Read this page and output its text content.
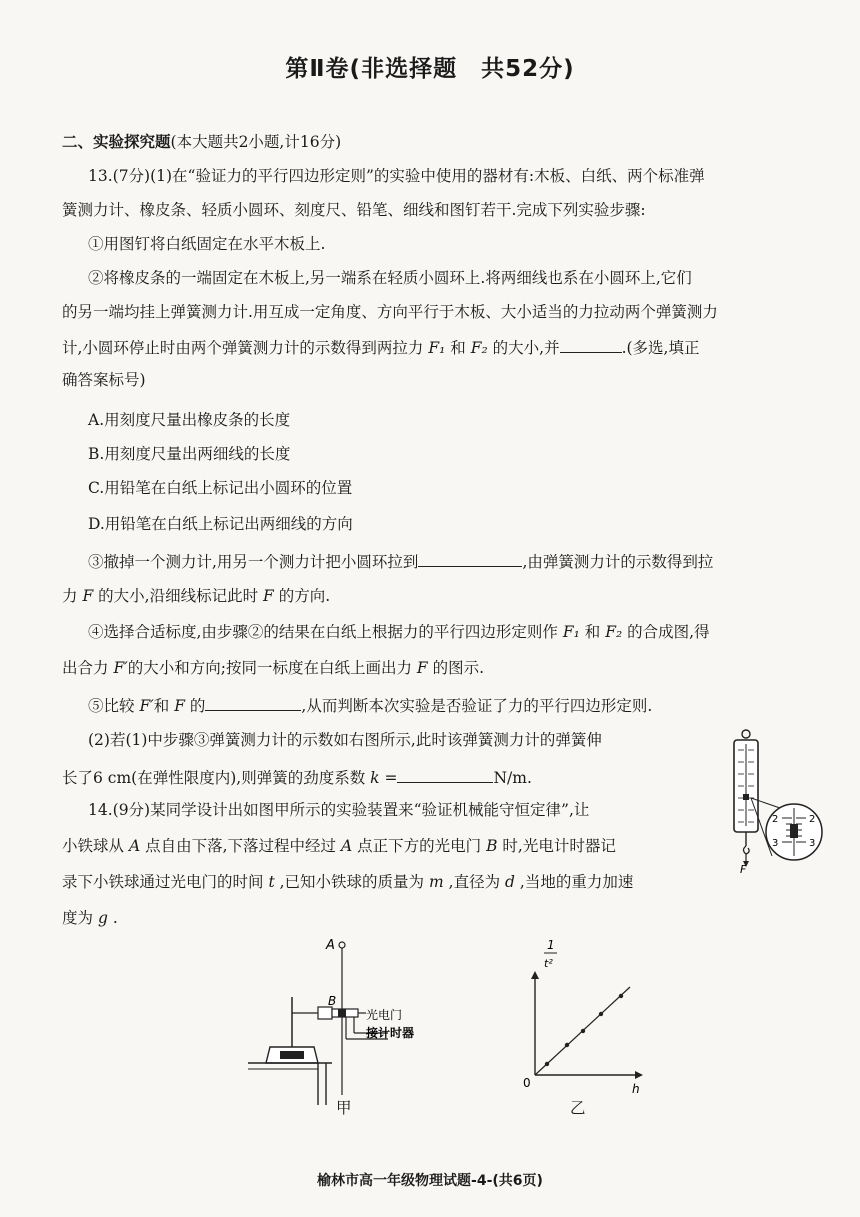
第Ⅱ卷(非选择题　共52分)
二、实验探究题(本大题共2小题,计16分)
13.(7分)(1)在“验证力的平行四边形定则”的实验中使用的器材有:木板、白纸、两个标准弹
簧测力计、橡皮条、轻质小圆环、刻度尺、铅笔、细线和图钉若干.完成下列实验步骤:
①用图钉将白纸固定在水平木板上.
②将橡皮条的一端固定在木板上,另一端系在轻质小圆环上.将两细线也系在小圆环上,它们
的另一端均挂上弹簧测力计.用互成一定角度、方向平行于木板、大小适当的力拉动两个弹簧测力
计,小圆环停止时由两个弹簧测力计的示数得到两拉力 F₁ 和 F₂ 的大小,并	.(多选,填正
确答案标号)
A.用刻度尺量出橡皮条的长度
B.用刻度尺量出两细线的长度
C.用铅笔在白纸上标记出小圆环的位置
D.用铅笔在白纸上标记出两细线的方向
③撤掉一个测力计,用另一个测力计把小圆环拉到	,由弹簧测力计的示数得到拉
力 F 的大小,沿细线标记此时 F 的方向.
④选择合适标度,由步骤②的结果在白纸上根据力的平行四边形定则作 F₁ 和 F₂ 的合成图,得
出合力 F′的大小和方向;按同一标度在白纸上画出力 F 的图示.
⑤比较 F′和 F 的	,从而判断本次实验是否验证了力的平行四边形定则.
(2)若(1)中步骤③弹簧测力计的示数如右图所示,此时该弹簧测力计的弹簧伸
长了6 cm(在弹性限度内),则弹簧的劲度系数 k =	N/m.
14.(9分)某同学设计出如图甲所示的实验装置来“验证机械能守恒定律”,让
小铁球从 A 点自由下落,下落过程中经过 A 点正下方的光电门 B 时,光电计时器记
录下小铁球通过光电门的时间 t ,已知小铁球的质量为 m ,直径为 d ,当地的重力加速
度为 g .
F
2
3
2
3
A
B
光电门
接计时器
甲
1
t²
h
0
乙
榆林市高一年级物理试题-4-(共6页)
